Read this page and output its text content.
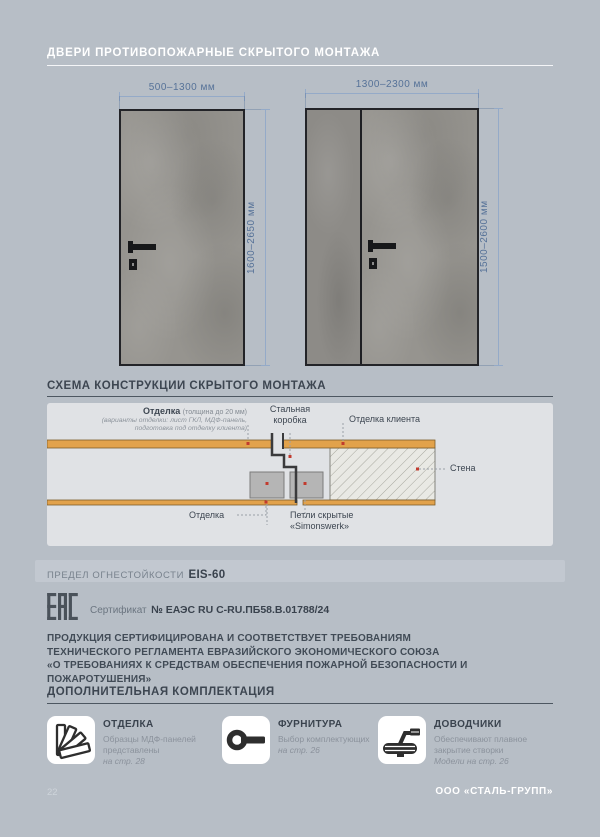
ДВЕРИ ПРОТИВОПОЖАРНЫЕ СКРЫТОГО МОНТАЖА
500–1300 мм
1600–2650 мм
1300–2300 мм
1500–2600 мм
СХЕМА КОНСТРУКЦИИ СКРЫТОГО МОНТАЖА
Отделка (толщина до 20 мм)
(варианты отделки: лист ГКЛ, МДФ-панель,
подготовка под отделку клиента)
Стальная
коробка	Отделка клиента
Стена
Отделка	Петли скрытые
«Simonswerk»
ПРЕДЕЛ ОГНЕСТОЙКОСТИ EIS-60
Сертификат № ЕАЭС RU С-RU.ПБ58.В.01788/24
ПРОДУКЦИЯ СЕРТИФИЦИРОВАНА И СООТВЕТСТВУЕТ ТРЕБОВАНИЯМ
ТЕХНИЧЕСКОГО РЕГЛАМЕНТА ЕВРАЗИЙСКОГО ЭКОНОМИЧЕСКОГО СОЮЗА
«О ТРЕБОВАНИЯХ К СРЕДСТВАМ ОБЕСПЕЧЕНИЯ ПОЖАРНОЙ БЕЗОПАСНОСТИ И ПОЖАРОТУШЕНИЯ»
ДОПОЛНИТЕЛЬНАЯ КОМПЛЕКТАЦИЯ
ОТДЕЛКА
Образцы МДФ-панелей
представлены
на стр. 28
ФУРНИТУРА
Выбор комплектующих
на стр. 26
ДОВОДЧИКИ
Обеспечивают плавное
закрытие створки
Модели на стр. 26
22	ООО «СТАЛЬ-ГРУПП»
